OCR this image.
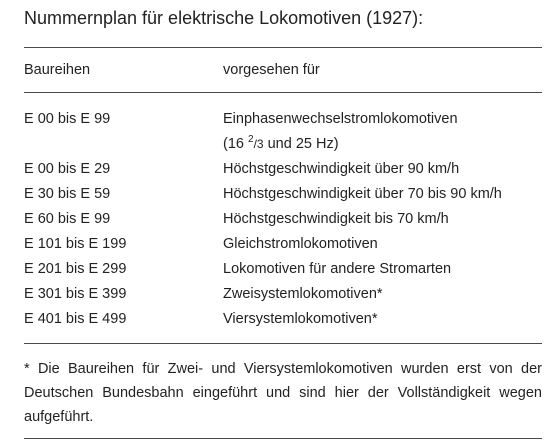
Nummernplan für elektrische Lokomotiven (1927):
Baureihen	vorgesehen für
E 00 bis E 99	Einphasenwechselstromlokomotiven
(16 $^2$/3 und 25 Hz)
E 00 bis E 29	Höchstgeschwindigkeit über 90 km/h
E 30 bis E 59	Höchstgeschwindigkeit über 70 bis 90 km/h
E 60 bis E 99	Höchstgeschwindigkeit bis 70 km/h
E 101 bis E 199	Gleichstromlokomotiven
E 201 bis E 299	Lokomotiven für andere Stromarten
E 301 bis E 399	Zweisystemlokomotiven*
E 401 bis E 499	Viersystemlokomotiven*
* Die Baureihen für Zwei- und Viersystemlokomotiven wurden erst von der Deutschen Bundesbahn eingeführt und sind hier der Vollständigkeit wegen aufgeführt.
